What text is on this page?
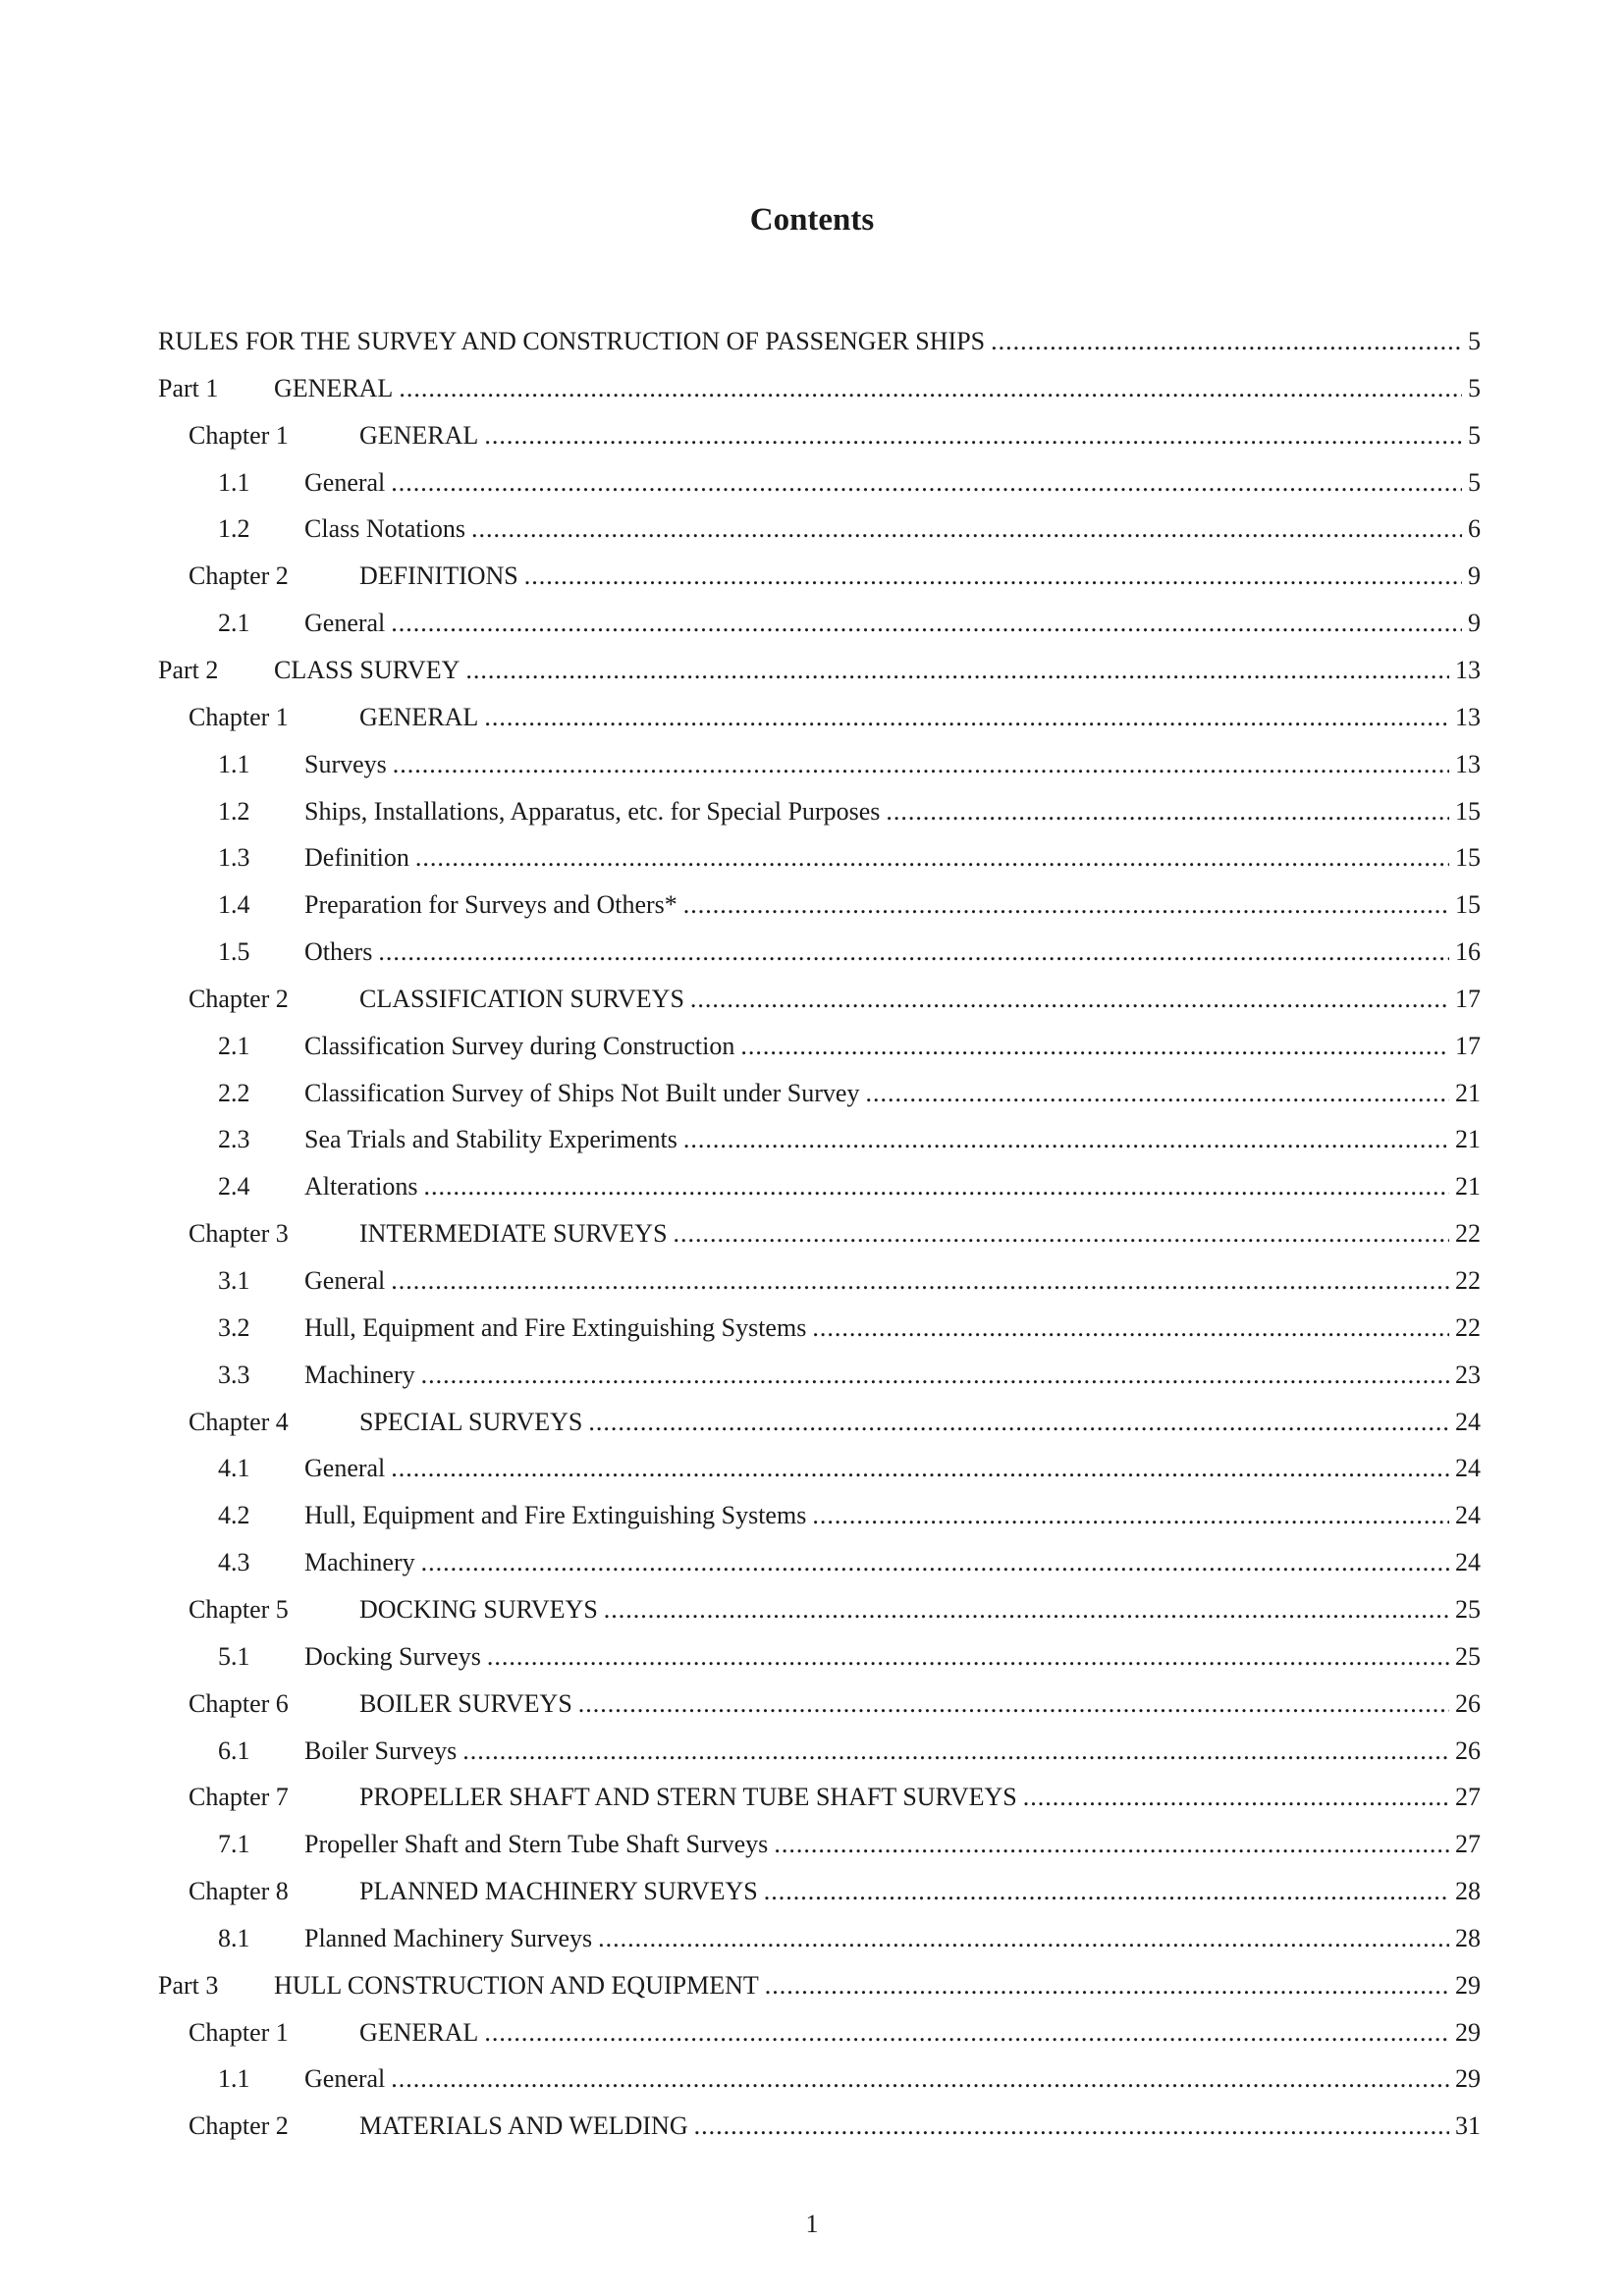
Contents
RULES FOR THE SURVEY AND CONSTRUCTION OF PASSENGER SHIPS .....	5
Part 1	GENERAL .....	5
Chapter 1	GENERAL .....	5
1.1	General .....	5
1.2	Class Notations .....	6
Chapter 2	DEFINITIONS .....	9
2.1	General .....	9
Part 2	CLASS SURVEY .....	13
Chapter 1	GENERAL .....	13
1.1	Surveys .....	13
1.2	Ships, Installations, Apparatus, etc. for Special Purposes .....	15
1.3	Definition .....	15
1.4	Preparation for Surveys and Others* .....	15
1.5	Others .....	16
Chapter 2	CLASSIFICATION SURVEYS .....	17
2.1	Classification Survey during Construction .....	17
2.2	Classification Survey of Ships Not Built under Survey .....	21
2.3	Sea Trials and Stability Experiments .....	21
2.4	Alterations .....	21
Chapter 3	INTERMEDIATE SURVEYS .....	22
3.1	General .....	22
3.2	Hull, Equipment and Fire Extinguishing Systems .....	22
3.3	Machinery .....	23
Chapter 4	SPECIAL SURVEYS .....	24
4.1	General .....	24
4.2	Hull, Equipment and Fire Extinguishing Systems .....	24
4.3	Machinery .....	24
Chapter 5	DOCKING SURVEYS .....	25
5.1	Docking Surveys .....	25
Chapter 6	BOILER SURVEYS .....	26
6.1	Boiler Surveys .....	26
Chapter 7	PROPELLER SHAFT AND STERN TUBE SHAFT SURVEYS .....	27
7.1	Propeller Shaft and Stern Tube Shaft Surveys .....	27
Chapter 8	PLANNED MACHINERY SURVEYS .....	28
8.1	Planned Machinery Surveys .....	28
Part 3	HULL CONSTRUCTION AND EQUIPMENT .....	29
Chapter 1	GENERAL .....	29
1.1	General .....	29
Chapter 2	MATERIALS AND WELDING .....	31
1
